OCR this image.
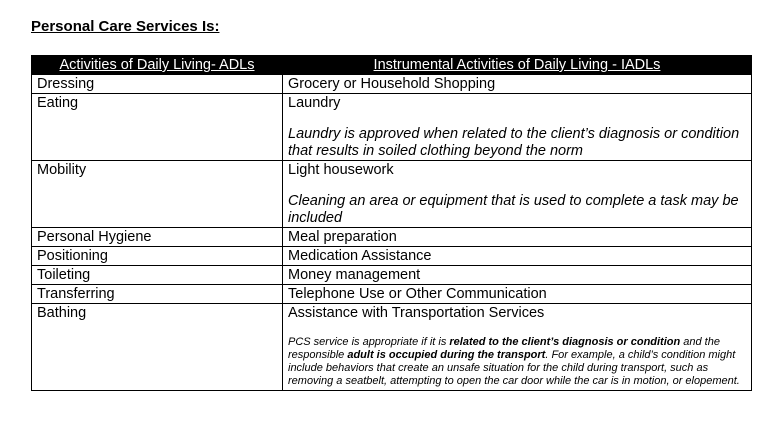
Personal Care Services Is:
Activities of Daily Living- ADLs	Instrumental Activities of Daily Living - IADLs
Dressing	Grocery or Household Shopping
Eating	Laundry
Laundry is approved when related to the client’s diagnosis or condition that results in soiled clothing beyond the norm

Mobility	Light housework
Cleaning an area or equipment that is used to complete a task may be included

Personal Hygiene	Meal preparation
Positioning	Medication Assistance
Toileting	Money management
Transferring	Telephone Use or Other Communication
Bathing	Assistance with Transportation Services
PCS service is appropriate if it is related to the client’s diagnosis or condition and the responsible adult is occupied during the transport. For example, a child’s condition might include behaviors that create an unsafe situation for the child during transport, such as removing a seatbelt, attempting to open the car door while the car is in motion, or elopement.
